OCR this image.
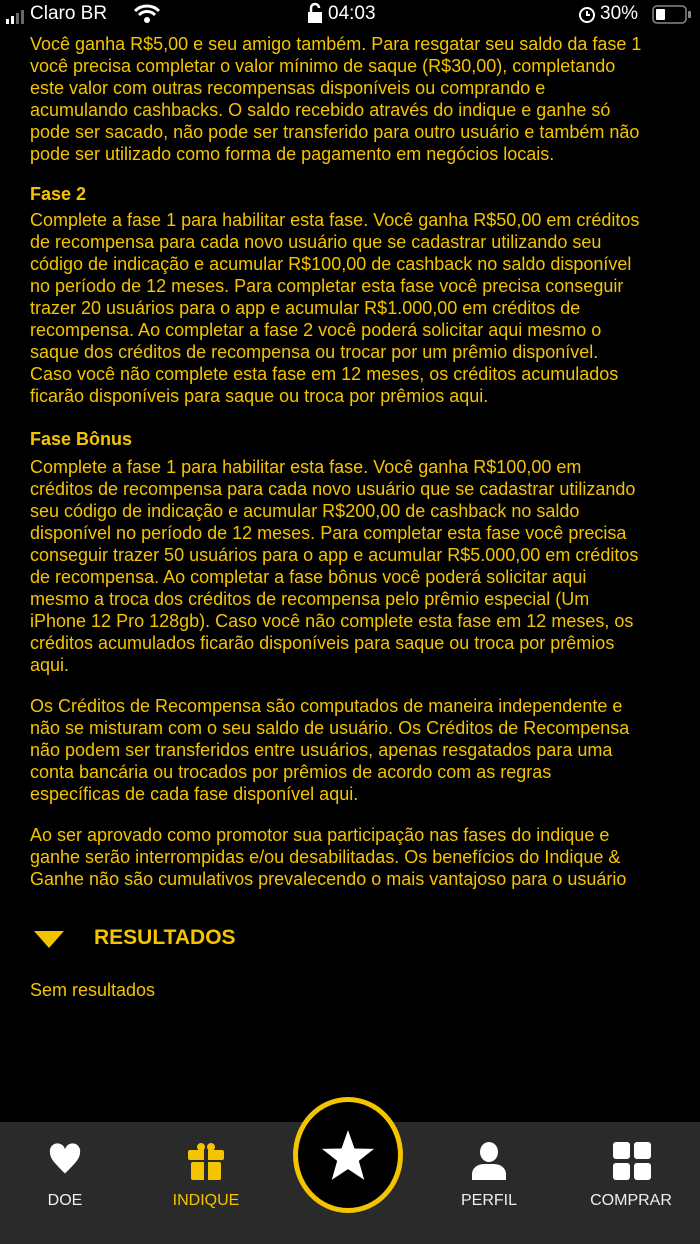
Você ganha R$5,00 e seu amigo também. Para resgatar seu saldo da fase 1
você precisa completar o valor mínimo de saque (R$30,00), completando
este valor com outras recompensas disponíveis ou comprando e
acumulando cashbacks. O saldo recebido através do indique e ganhe só
pode ser sacado, não pode ser transferido para outro usuário e também não
pode ser utilizado como forma de pagamento em negócios locais.
Fase 2
Complete a fase 1 para habilitar esta fase. Você ganha R$50,00 em créditos
de recompensa para cada novo usuário que se cadastrar utilizando seu
código de indicação e acumular R$100,00 de cashback no saldo disponível
no período de 12 meses. Para completar esta fase você precisa conseguir
trazer 20 usuários para o app e acumular R$1.000,00 em créditos de
recompensa. Ao completar a fase 2 você poderá solicitar aqui mesmo o
saque dos créditos de recompensa ou trocar por um prêmio disponível.
Caso você não complete esta fase em 12 meses, os créditos acumulados
ficarão disponíveis para saque ou troca por prêmios aqui.
Fase Bônus
Complete a fase 1 para habilitar esta fase. Você ganha R$100,00 em
créditos de recompensa para cada novo usuário que se cadastrar utilizando
seu código de indicação e acumular R$200,00 de cashback no saldo
disponível no período de 12 meses. Para completar esta fase você precisa
conseguir trazer 50 usuários para o app e acumular R$5.000,00 em créditos
de recompensa. Ao completar a fase bônus você poderá solicitar aqui
mesmo a troca dos créditos de recompensa pelo prêmio especial (Um
iPhone 12 Pro 128gb). Caso você não complete esta fase em 12 meses, os
créditos acumulados ficarão disponíveis para saque ou troca por prêmios
aqui.
Os Créditos de Recompensa são computados de maneira independente e
não se misturam com o seu saldo de usuário. Os Créditos de Recompensa
não podem ser transferidos entre usuários, apenas resgatados para uma
conta bancária ou trocados por prêmios de acordo com as regras
específicas de cada fase disponível aqui.
Ao ser aprovado como promotor sua participação nas fases do indique e
ganhe serão interrompidas e/ou desabilitadas. Os benefícios do Indique &
Ganhe não são cumulativos prevalecendo o mais vantajoso para o usuário
Claro BR	04:03	30%
RESULTADOS
Sem resultados
DOE	INDIQUE	PERFIL	COMPRAR
